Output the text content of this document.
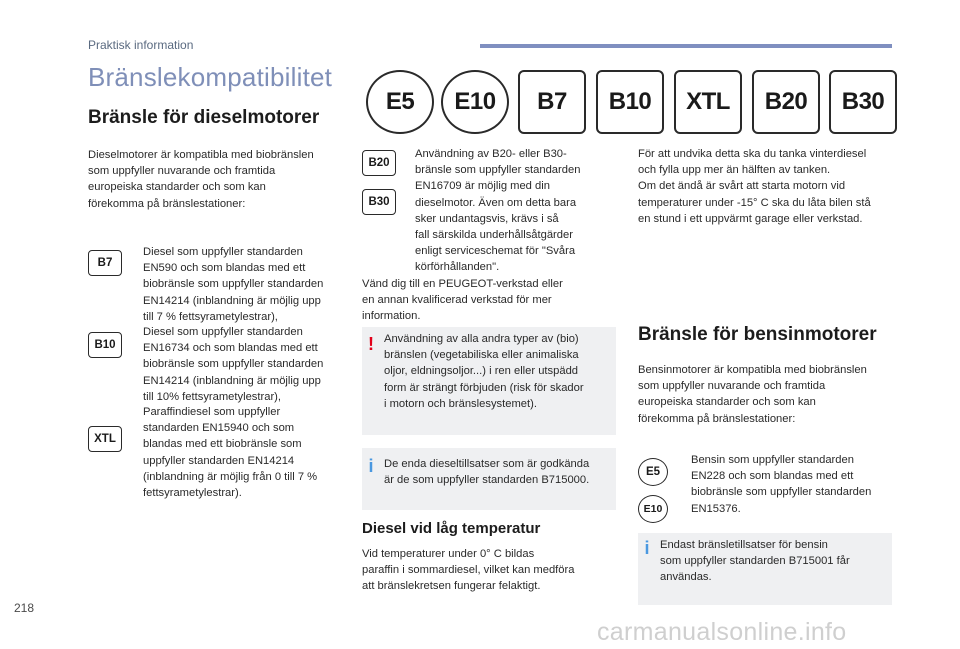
Praktisk information
Bränslekompatibilitet
E5	E10	B7	B10	XTL	B20	B30
Bränsle för dieselmotorer
Dieselmotorer är kompatibla med biobränslen
som uppfyller nuvarande och framtida
europeiska standarder och som kan
förekomma på bränslestationer:
B7
Diesel som uppfyller standarden
EN590 och som blandas med ett
biobränsle som uppfyller standarden
EN14214 (inblandning är möjlig upp
till 7 % fettsyrametylestrar),
B10
Diesel som uppfyller standarden
EN16734 och som blandas med ett
biobränsle som uppfyller standarden
EN14214 (inblandning är möjlig upp
till 10% fettsyrametylestrar),
XTL
Paraffindiesel som uppfyller
standarden EN15940 och som
blandas med ett biobränsle som
uppfyller standarden EN14214
(inblandning är möjlig från 0 till 7 %
fettsyrametylestrar).
B20
B30
Användning av B20- eller B30-
bränsle som uppfyller standarden
EN16709 är möjlig med din
dieselmotor. Även om detta bara
sker undantagsvis, krävs i så
fall särskilda underhållsåtgärder
enligt serviceschemat för "Svåra
körförhållanden".
Vänd dig till en PEUGEOT-verkstad eller
en annan kvalificerad verkstad för mer
information.
! Användning av alla andra typer av (bio)
bränslen (vegetabiliska eller animaliska
oljor, eldningsoljor...) i ren eller utspädd
form är strängt förbjuden (risk för skador
i motorn och bränslesystemet).
i De enda dieseltillsatser som är godkända
är de som uppfyller standarden B715000.
Diesel vid låg temperatur
Vid temperaturer under 0° C bildas
paraffin i sommardiesel, vilket kan medföra
att bränslekretsen fungerar felaktigt.
För att undvika detta ska du tanka vinterdiesel
och fylla upp mer än hälften av tanken.
Om det ändå är svårt att starta motorn vid
temperaturer under -15° C ska du låta bilen stå
en stund i ett uppvärmt garage eller verkstad.
Bränsle för bensinmotorer
Bensinmotorer är kompatibla med biobränslen
som uppfyller nuvarande och framtida
europeiska standarder och som kan
förekomma på bränslestationer:
E5
E10
Bensin som uppfyller standarden
EN228 och som blandas med ett
biobränsle som uppfyller standarden
EN15376.
i Endast bränsletillsatser för bensin
som uppfyller standarden B715001 får
användas.
218
carmanualsonline.info
